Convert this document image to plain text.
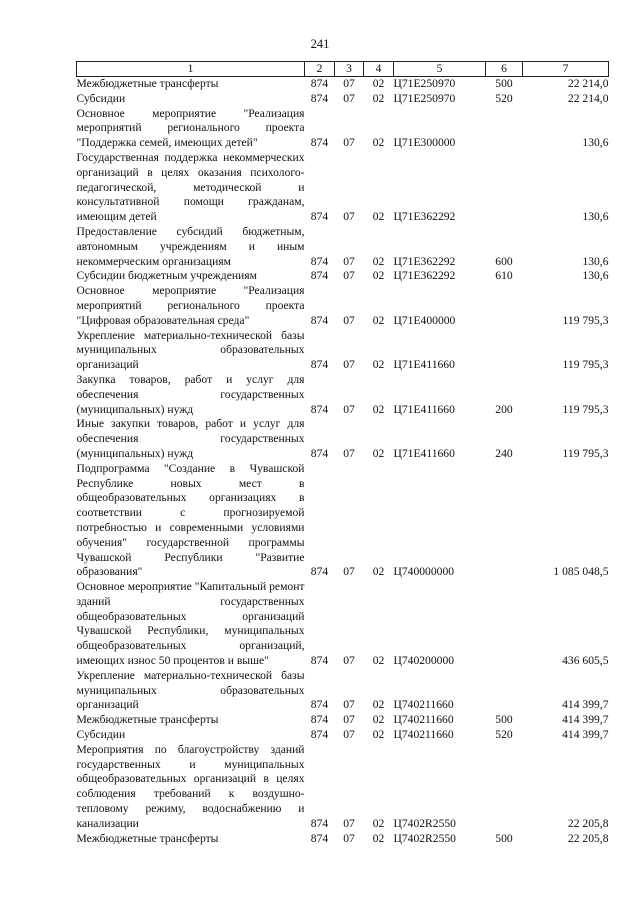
241
1	2	3	4	5	6	7
Межбюджетные трансферты	874	07	02	Ц71Е250970	500	22 214,0
Субсидии	874	07	02	Ц71Е250970	520	22 214,0
Основное мероприятие "Реализация мероприятий регионального проекта "Поддержка семей, имеющих детей"	874	07	02	Ц71Е300000		130,6
Государственная поддержка некоммерческих организаций в целях оказания психолого-педагогической, методической и консультативной помощи гражданам, имеющим детей	874	07	02	Ц71Е362292		130,6
Предоставление субсидий бюджетным, автономным учреждениям и иным некоммерческим организациям	874	07	02	Ц71Е362292	600	130,6
Субсидии бюджетным учреждениям	874	07	02	Ц71Е362292	610	130,6
Основное мероприятие "Реализация мероприятий регионального проекта "Цифровая образовательная среда"	874	07	02	Ц71Е400000		119 795,3
Укрепление материально-технической базы муниципальных образовательных организаций	874	07	02	Ц71Е411660		119 795,3
Закупка товаров, работ и услуг для обеспечения государственных (муниципальных) нужд	874	07	02	Ц71Е411660	200	119 795,3
Иные закупки товаров, работ и услуг для обеспечения государственных (муниципальных) нужд	874	07	02	Ц71Е411660	240	119 795,3
Подпрограмма "Создание в Чувашской Республике новых мест в общеобразовательных организациях в соответствии с прогнозируемой потребностью и современными условиями обучения" государственной программы Чувашской Республики "Развитие образования"	874	07	02	Ц740000000		1 085 048,5
Основное мероприятие "Капитальный ремонт зданий государственных общеобразовательных организаций Чувашской Республики, муниципальных общеобразовательных организаций, имеющих износ 50 процентов и выше"	874	07	02	Ц740200000		436 605,5
Укрепление материально-технической базы муниципальных образовательных организаций	874	07	02	Ц740211660		414 399,7
Межбюджетные трансферты	874	07	02	Ц740211660	500	414 399,7
Субсидии	874	07	02	Ц740211660	520	414 399,7
Мероприятия по благоустройству зданий государственных и муниципальных общеобразовательных организаций в целях соблюдения требований к воздушно-тепловому режиму, водоснабжению и канализации	874	07	02	Ц7402R2550		22 205,8
Межбюджетные трансферты	874	07	02	Ц7402R2550	500	22 205,8
